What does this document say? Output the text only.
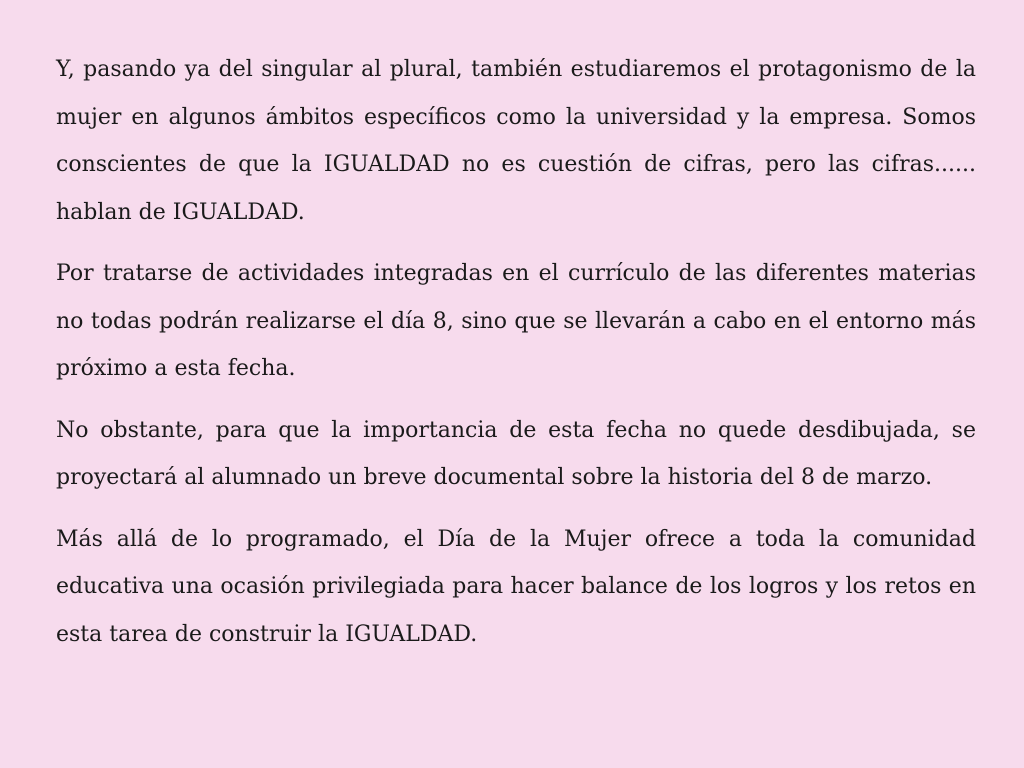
Y, pasando ya del singular al plural, también estudiaremos el protagonismo de la mujer en algunos ámbitos específicos como la universidad y la empresa. Somos conscientes de que la IGUALDAD no es cuestión de cifras, pero las cifras...... hablan de IGUALDAD.

Por tratarse de actividades integradas en el currículo de las diferentes materias no todas podrán realizarse el día 8, sino que se llevarán a cabo en el entorno más próximo a esta fecha.

No obstante, para que la importancia de esta fecha no quede desdibujada, se proyectará al alumnado un breve documental sobre la historia del 8 de marzo.

Más allá de lo programado, el Día de la Mujer ofrece a toda la comunidad educativa una ocasión privilegiada para hacer balance de los logros y los retos en esta tarea de construir la IGUALDAD.
